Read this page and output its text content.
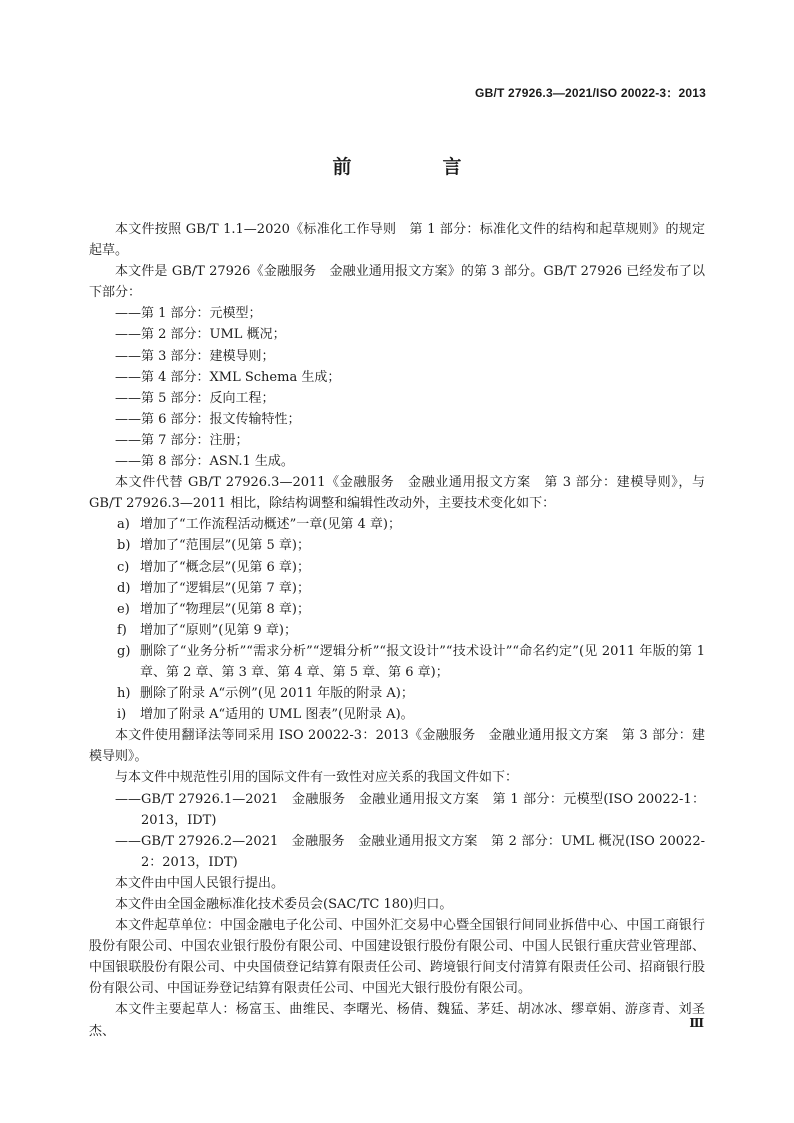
GB/T 27926.3—2021/ISO 20022-3：2013
前　言

本文件按照 GB/T 1.1—2020《标准化工作导则　第 1 部分：标准化文件的结构和起草规则》的规定起草。

本文件是 GB/T 27926《金融服务　金融业通用报文方案》的第 3 部分。GB/T 27926 已经发布了以下部分：

—— 第 1 部分：元模型；
—— 第 2 部分：UML 概况；
—— 第 3 部分：建模导则；
—— 第 4 部分：XML Schema 生成；
—— 第 5 部分：反向工程；
—— 第 6 部分：报文传输特性；
—— 第 7 部分：注册；
—— 第 8 部分：ASN.1 生成。

本文件代替 GB/T 27926.3—2011《金融服务　金融业通用报文方案　第 3 部分：建模导则》，与 GB/T 27926.3—2011 相比，除结构调整和编辑性改动外，主要技术变化如下：

a) 增加了“工作流程活动概述”一章(见第 4 章)；
b) 增加了“范围层”(见第 5 章)；
c) 增加了“概念层”(见第 6 章)；
d) 增加了“逻辑层”(见第 7 章)；
e) 增加了“物理层”(见第 8 章)；
f)	增加了“原则”(见第 9 章)；
g) 删除了“业务分析”“需求分析”“逻辑分析”“报文设计”“技术设计”“命名约定”(见 2011 年版的第 1 章、第 2 章、第 3 章、第 4 章、第 5 章、第 6 章)；
h) 删除了附录 A“示例”(见 2011 年版的附录 A)；
i)	增加了附录 A“适用的 UML 图表”(见附录 A)。

本文件使用翻译法等同采用 ISO 20022-3：2013《金融服务　金融业通用报文方案　第 3 部分：建模导则》。

与本文件中规范性引用的国际文件有一致性对应关系的我国文件如下：

—— GB/T 27926.1—2021　金融服务　金融业通用报文方案　第 1 部分：元模型(ISO 20022-1：2013，IDT)
—— GB/T 27926.2—2021　金融服务　金融业通用报文方案　第 2 部分：UML 概况(ISO 20022-2：2013，IDT)

本文件由中国人民银行提出。

本文件由全国金融标准化技术委员会(SAC/TC 180)归口。

本文件起草单位：中国金融电子化公司、中国外汇交易中心暨全国银行间同业拆借中心、中国工商银行股份有限公司、中国农业银行股份有限公司、中国建设银行股份有限公司、中国人民银行重庆营业管理部、中国银联股份有限公司、中央国债登记结算有限责任公司、跨境银行间支付清算有限责任公司、招商银行股份有限公司、中国证券登记结算有限责任公司、中国光大银行股份有限公司。

本文件主要起草人：杨富玉、曲维民、李曙光、杨倩、魏猛、茅廷、胡冰冰、缪章娟、游彦青、刘圣杰、

Ⅲ
